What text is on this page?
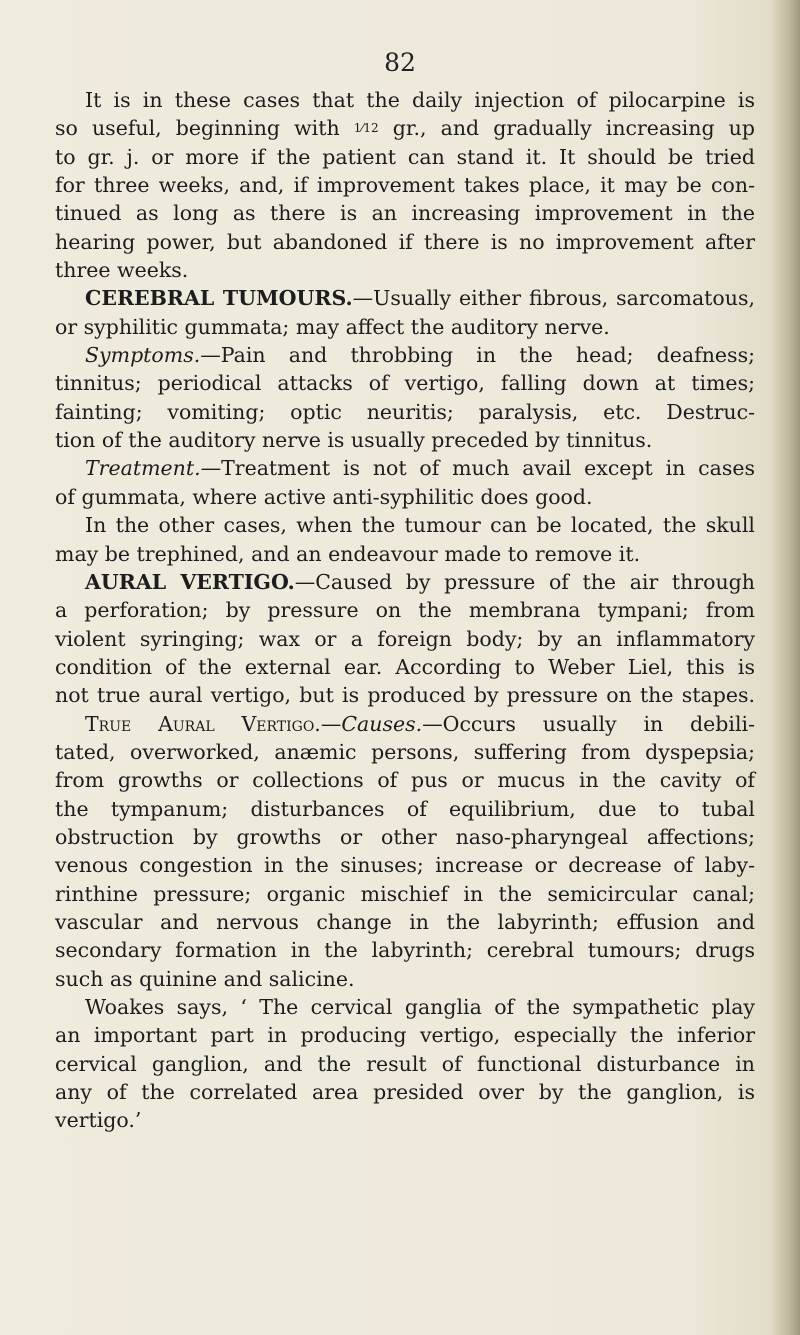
82
It is in these cases that the daily injection of pilocarpine is
so useful, beginning with 1⁄12 gr., and gradually increasing up
to gr. j. or more if the patient can stand it. It should be tried
for three weeks, and, if improvement takes place, it may be con-
tinued as long as there is an increasing improvement in the
hearing power, but abandoned if there is no improvement after
three weeks.
CEREBRAL TUMOURS.—Usually either fibrous, sarcomatous,
or syphilitic gummata; may affect the auditory nerve.
Symptoms.—Pain and throbbing in the head; deafness;
tinnitus; periodical attacks of vertigo, falling down at times;
fainting; vomiting; optic neuritis; paralysis, etc. Destruc-
tion of the auditory nerve is usually preceded by tinnitus.
Treatment.—Treatment is not of much avail except in cases
of gummata, where active anti-syphilitic does good.
In the other cases, when the tumour can be located, the skull
may be trephined, and an endeavour made to remove it.
AURAL VERTIGO.—Caused by pressure of the air through
a perforation; by pressure on the membrana tympani; from
violent syringing; wax or a foreign body; by an inflammatory
condition of the external ear. According to Weber Liel, this is
not true aural vertigo, but is produced by pressure on the stapes.
True Aural Vertigo.—Causes.—Occurs usually in debili-
tated, overworked, anæmic persons, suffering from dyspepsia;
from growths or collections of pus or mucus in the cavity of
the tympanum; disturbances of equilibrium, due to tubal
obstruction by growths or other naso-pharyngeal affections;
venous congestion in the sinuses; increase or decrease of laby-
rinthine pressure; organic mischief in the semicircular canal;
vascular and nervous change in the labyrinth; effusion and
secondary formation in the labyrinth; cerebral tumours; drugs
such as quinine and salicine.
Woakes says, ‘ The cervical ganglia of the sympathetic play
an important part in producing vertigo, especially the inferior
cervical ganglion, and the result of functional disturbance in
any of the correlated area presided over by the ganglion, is
vertigo.’
